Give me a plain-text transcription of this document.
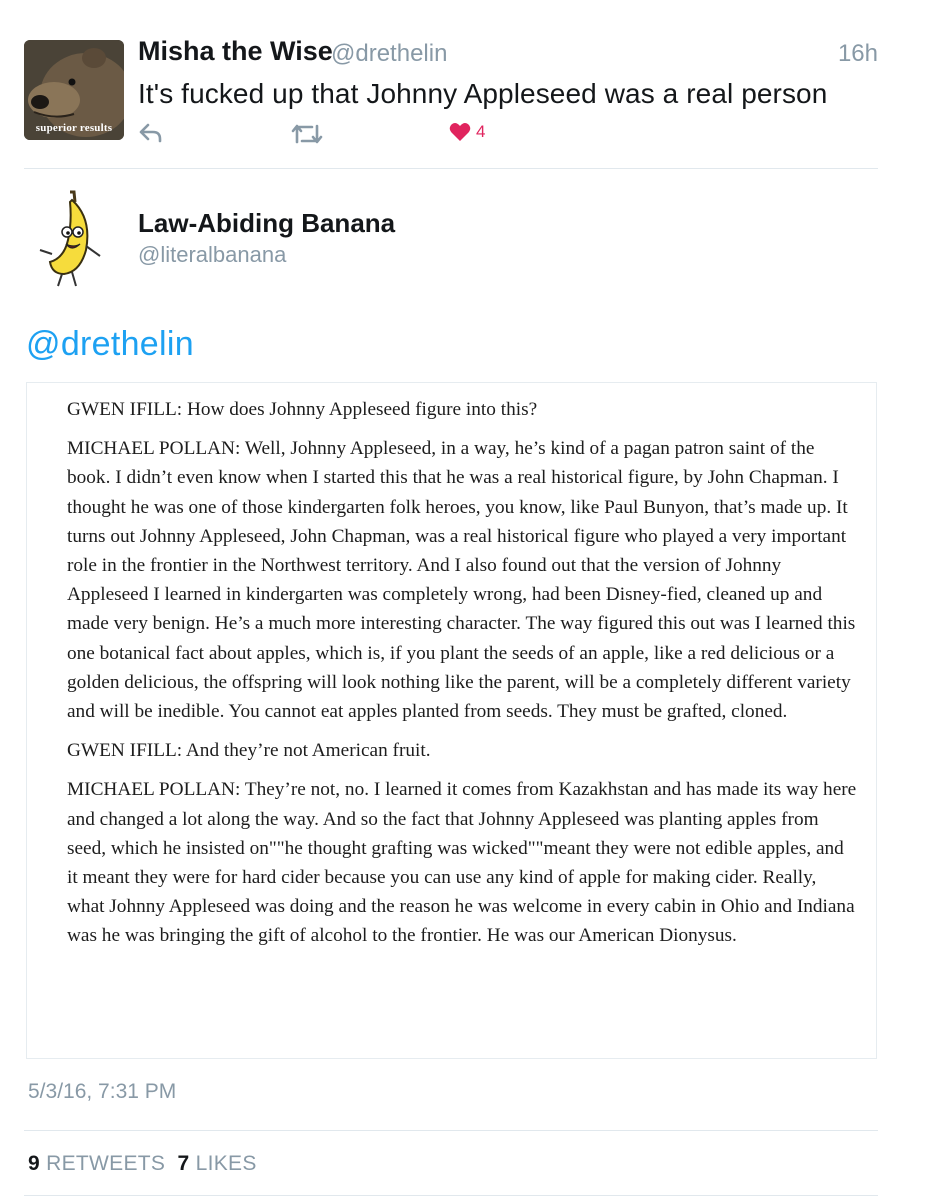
superior results
Misha the Wise
@drethelin	16h
It's fucked up that Johnny Appleseed was a real person
4
Law-Abiding Banana
@literalbanana
@drethelin

GWEN IFILL: How does Johnny Appleseed figure into this?

MICHAEL POLLAN: Well, Johnny Appleseed, in a way, he’s kind of a pagan patron saint of the book. I didn’t even know when I started this that he was a real historical figure, by John Chapman. I thought he was one of those kindergarten folk heroes, you know, like Paul Bunyon, that’s made up. It turns out Johnny Appleseed, John Chapman, was a real historical figure who played a very important role in the frontier in the Northwest territory. And I also found out that the version of Johnny Appleseed I learned in kindergarten was completely wrong, had been Disney-fied, cleaned up and made very benign. He’s a much more interesting character. The way figured this out was I learned this one botanical fact about apples, which is, if you plant the seeds of an apple, like a red delicious or a golden delicious, the offspring will look nothing like the parent, will be a completely different variety and will be inedible. You cannot eat apples planted from seeds. They must be grafted, cloned.

GWEN IFILL: And they’re not American fruit.

MICHAEL POLLAN: They’re not, no. I learned it comes from Kazakhstan and has made its way here and changed a lot along the way. And so the fact that Johnny Appleseed was planting apples from seed, which he insisted on""he thought grafting was wicked""meant they were not edible apples, and it meant they were for hard cider because you can use any kind of apple for making cider. Really, what Johnny Appleseed was doing and the reason he was welcome in every cabin in Ohio and Indiana was he was bringing the gift of alcohol to the frontier. He was our American Dionysus.

5/3/16, 7:31 PM
9 RETWEETS 7 LIKES
